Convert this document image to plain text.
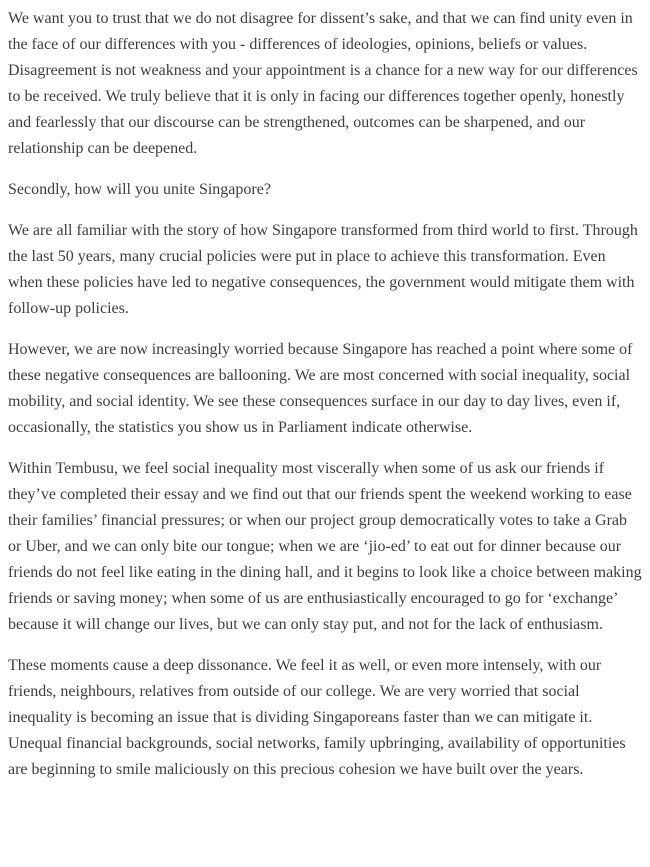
We want you to trust that we do not disagree for dissent’s sake, and that we can find unity even in the face of our differences with you - differences of ideologies, opinions, beliefs or values. Disagreement is not weakness and your appointment is a chance for a new way for our differences to be received. We truly believe that it is only in facing our differences together openly, honestly and fearlessly that our discourse can be strengthened, outcomes can be sharpened, and our relationship can be deepened.

Secondly, how will you unite Singapore?

We are all familiar with the story of how Singapore transformed from third world to first. Through the last 50 years, many crucial policies were put in place to achieve this transformation. Even when these policies have led to negative consequences, the government would mitigate them with follow-up policies.

However, we are now increasingly worried because Singapore has reached a point where some of these negative consequences are ballooning. We are most concerned with social inequality, social mobility, and social identity. We see these consequences surface in our day to day lives, even if, occasionally, the statistics you show us in Parliament indicate otherwise.

Within Tembusu, we feel social inequality most viscerally when some of us ask our friends if they’ve completed their essay and we find out that our friends spent the weekend working to ease their families’ financial pressures; or when our project group democratically votes to take a Grab or Uber, and we can only bite our tongue; when we are ‘jio-ed’ to eat out for dinner because our friends do not feel like eating in the dining hall, and it begins to look like a choice between making friends or saving money; when some of us are enthusiastically encouraged to go for ‘exchange’ because it will change our lives, but we can only stay put, and not for the lack of enthusiasm.

These moments cause a deep dissonance. We feel it as well, or even more intensely, with our friends, neighbours, relatives from outside of our college. We are very worried that social inequality is becoming an issue that is dividing Singaporeans faster than we can mitigate it. Unequal financial backgrounds, social networks, family upbringing, availability of opportunities are beginning to smile maliciously on this precious cohesion we have built over the years.
